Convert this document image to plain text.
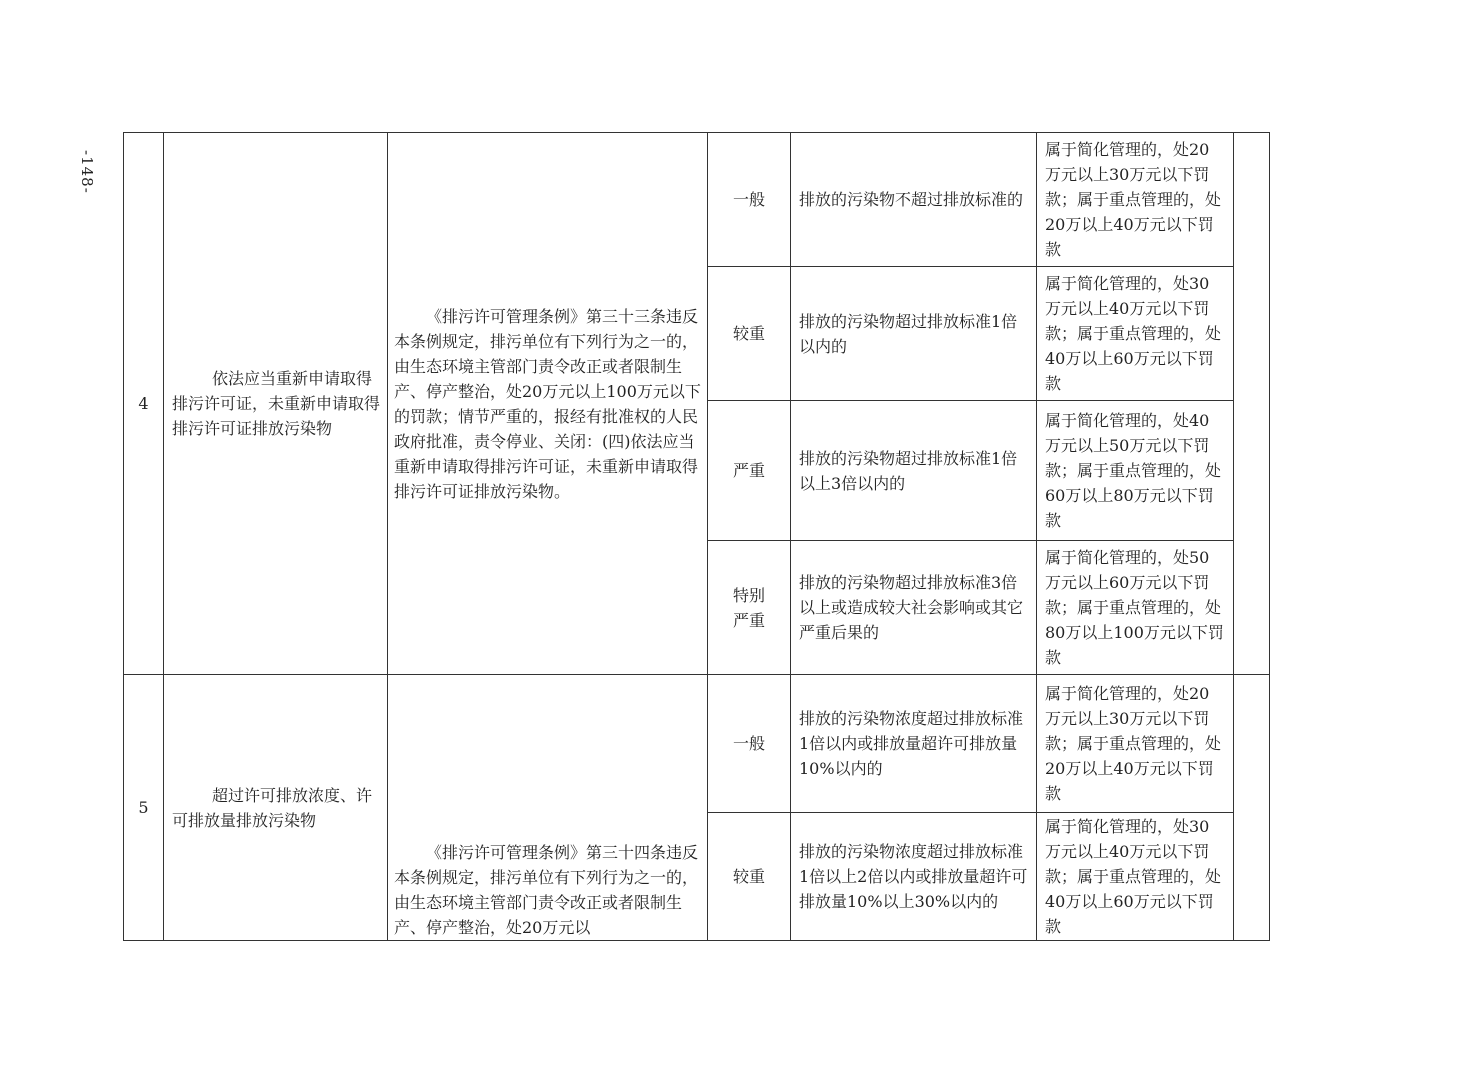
-148-
4	依法应当重新申请取得排污许可证，未重新申请取得排污许可证排放污染物	《排污许可管理条例》第三十三条违反本条例规定，排污单位有下列行为之一的，由生态环境主管部门责令改正或者限制生产、停产整治，处20万元以上100万元以下的罚款；情节严重的，报经有批准权的人民政府批准，责令停业、关闭：(四)依法应当重新申请取得排污许可证，未重新申请取得排污许可证排放污染物。	一般	排放的污染物不超过排放标准的	属于简化管理的，处20万元以上30万元以下罚款；属于重点管理的，处20万以上40万元以下罚款	
			较重	排放的污染物超过排放标准1倍以内的	属于简化管理的，处30万元以上40万元以下罚款；属于重点管理的，处40万以上60万元以下罚款	
			严重	排放的污染物超过排放标准1倍以上3倍以内的	属于简化管理的，处40万元以上50万元以下罚款；属于重点管理的，处60万以上80万元以下罚款	
			特别严重	排放的污染物超过排放标准3倍以上或造成较大社会影响或其它严重后果的	属于简化管理的，处50万元以上60万元以下罚款；属于重点管理的，处80万以上100万元以下罚款	
5	超过许可排放浓度、许可排放量排放污染物	《排污许可管理条例》第三十四条违反本条例规定，排污单位有下列行为之一的，由生态环境主管部门责令改正或者限制生产、停产整治，处20万元以	一般	排放的污染物浓度超过排放标准1倍以内或排放量超许可排放量10%以内的	属于简化管理的，处20万元以上30万元以下罚款；属于重点管理的，处20万以上40万元以下罚款	
			较重	排放的污染物浓度超过排放标准1倍以上2倍以内或排放量超许可排放量10%以上30%以内的	属于简化管理的，处30万元以上40万元以下罚款；属于重点管理的，处40万以上60万元以下罚款	
